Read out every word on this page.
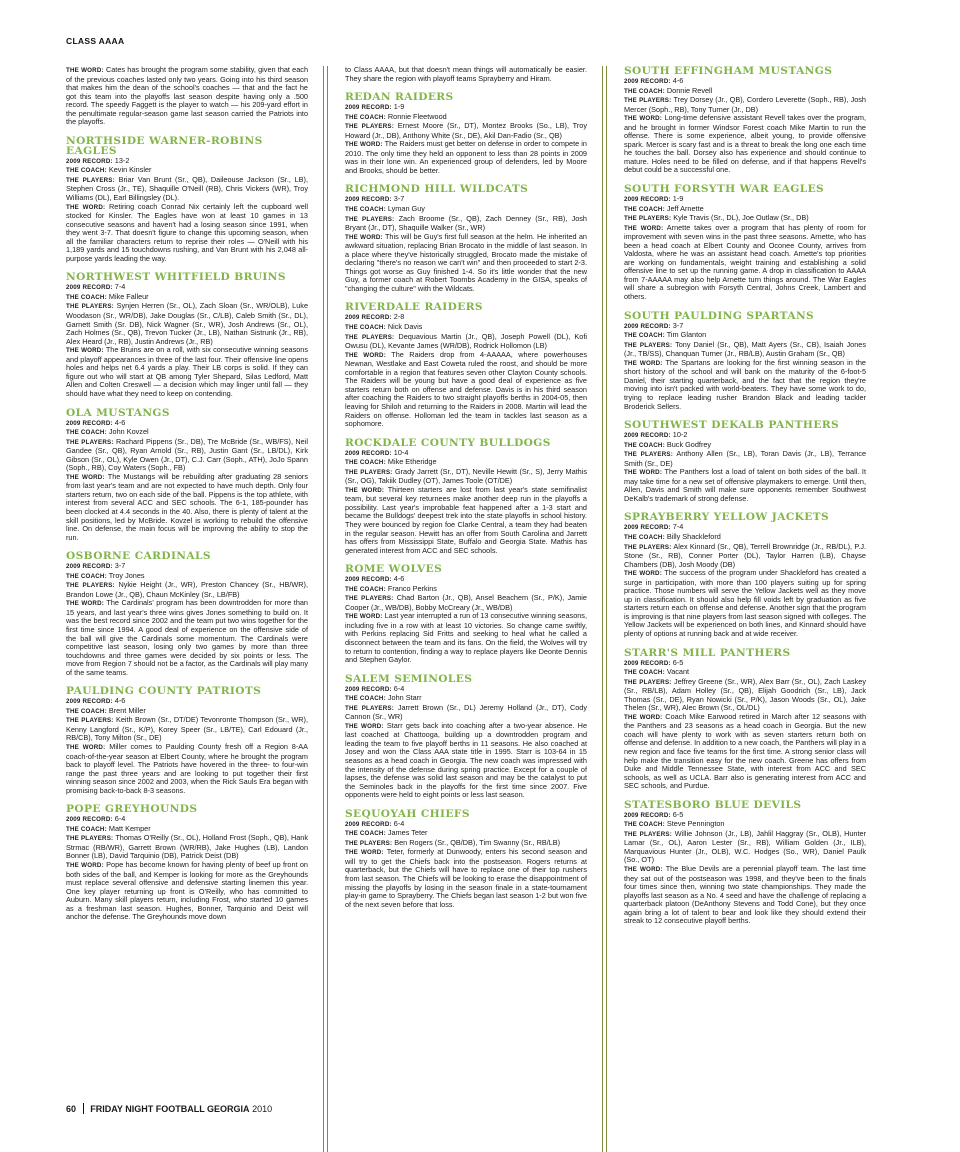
CLASS AAAA

THE WORD: Cates has brought the program some stability, given that each of the previous coaches lasted only two years. Going into his third season that makes him the dean of the school's coaches — that and the fact he got this team into the playoffs last season despite having only a .500 record. The speedy Faggett is the player to watch — his 209-yard effort in the penultimate regular-season game last season carried the Patriots into the playoffs.

NORTHSIDE WARNER-ROBINS EAGLES

2009 RECORD: 13-2

THE COACH: Kevin Kinsler

THE PLAYERS: Briar Van Brunt (Sr., QB), Daileouse Jackson (Sr., LB), Stephen Cross (Jr., TE), Shaquille O'Neill (RB), Chris Vickers (WR), Troy Williams (DL), Earl Billingsley (DL).

THE WORD: Retiring coach Conrad Nix certainly left the cupboard well stocked for Kinsler. The Eagles have won at least 10 games in 13 consecutive seasons and haven't had a losing season since 1991, when they went 3-7. That doesn't figure to change this upcoming season, when all the familiar characters return to reprise their roles — O'Neill with his 1,189 yards and 15 touchdowns rushing, and Van Brunt with his 2,048 all-purpose yards leading the way.

NORTHWEST WHITFIELD BRUINS

2009 RECORD: 7-4

THE COACH: Mike Falleur

THE PLAYERS: Synjen Herren (Sr., OL), Zach Sloan (Sr., WR/OLB), Luke Woodason (Sr., WR/DB), Jake Douglas (Sr., C/LB), Caleb Smith (Sr., DL), Garnett Smith (Sr. DB), Nick Wagner (Sr., WR), Josh Andrews (Sr., OL), Zach Holmes (Sr., QB), Trevon Tucker (Jr., LB), Nathan Sistrunk (Jr., RB), Alex Heard (Jr., RB), Justin Andrews (Jr., RB)

THE WORD: The Bruins are on a roll, with six consecutive winning seasons and playoff appearances in three of the last four. Their offensive line opens holes and helps net 6.4 yards a play. Their LB corps is solid. If they can figure out who will start at QB among Tyler Shepard, Silas Ledford, Matt Allen and Colten Creswell — a decision which may linger until fall — they should have what they need to keep on contending.

OLA MUSTANGS

2009 RECORD: 4-6

THE COACH: John Kovzel

THE PLAYERS: Rachard Pippens (Sr., DB), Tre McBride (Sr., WB/FS), Neil Gandee (Sr., QB), Ryan Arnold (Sr., RB), Justin Gant (Sr., LB/DL), Kirk Gibson (Sr., OL), Kyle Owen (Jr., DT), C.J. Carr (Soph., ATH), JoJo Spann (Soph., RB), Coy Waters (Soph., FB)

THE WORD: The Mustangs will be rebuilding after graduating 28 seniors from last year's team and are not expected to have much depth. Only four starters return, two on each side of the ball. Pippens is the top athlete, with interest from several ACC and SEC schools. The 6-1, 185-pounder has been clocked at 4.4 seconds in the 40. Also, there is plenty of talent at the skill positions, led by McBride. Kovzel is working to rebuild the offensive line. On defense, the main focus will be improving the ability to stop the run.

OSBORNE CARDINALS

2009 RECORD: 3-7

THE COACH: Troy Jones

THE PLAYERS: Nykie Height (Jr., WR), Preston Chancey (Sr., HB/WR), Brandon Lowe (Jr., QB), Chaun McKinley (Sr., LB/FB)

THE WORD: The Cardinals' program has been downtrodden for more than 15 years, and last year's three wins gives Jones something to build on. It was the best record since 2002 and the team put two wins together for the first time since 1994. A good deal of experience on the offensive side of the ball will give the Cardinals some momentum. The Cardinals were competitive last season, losing only two games by more than three touchdowns and three games were decided by six points or less. The move from Region 7 should not be a factor, as the Cardinals will play many of the same teams.

PAULDING COUNTY PATRIOTS

2009 RECORD: 4-6

THE COACH: Brent Miller

THE PLAYERS: Keith Brown (Sr., DT/DE) Tevonronte Thompson (Sr., WR), Kenny Langford (Sr., K/P), Korey Speer (Sr., LB/TE), Carl Edouard (Jr., RB/CB), Tony Milton (Sr., DE)

THE WORD: Miller comes to Paulding County fresh off a Region 8-AA coach-of-the-year season at Elbert County, where he brought the program back to playoff level. The Patriots have hovered in the three- to four-win range the past three years and are looking to put together their first winning season since 2002 and 2003, when the Rick Sauls Era began with promising back-to-back 8-3 seasons.

POPE GREYHOUNDS

2009 RECORD: 6-4

THE COACH: Matt Kemper

THE PLAYERS: Thomas O'Reilly (Sr., OL), Holland Frost (Soph., QB), Hank Strmac (RB/WR), Garrett Brown (WR/RB), Jake Hughes (LB), Landon Bonner (LB), David Tarquinio (DB), Patrick Deist (DB)

THE WORD: Pope has become known for having plenty of beef up front on both sides of the ball, and Kemper is looking for more as the Greyhounds must replace several offensive and defensive starting linemen this year. One key player returning up front is O'Reilly, who has committed to Auburn. Many skill players return, including Frost, who started 10 games as a freshman last season. Hughes, Bonner, Tarquinio and Deist will anchor the defense. The Greyhounds move down

to Class AAAA, but that doesn't mean things will automatically be easier. They share the region with playoff teams Sprayberry and Hiram.

REDAN RAIDERS

2009 RECORD: 1-9

THE COACH: Ronnie Fleetwood

THE PLAYERS: Ernest Moore (Sr., DT), Montez Brooks (So., LB), Troy Howard (Jr., DB), Anthony White (Sr., DE), Akil Dan-Fadio (Sr., QB)

THE WORD: The Raiders must get better on defense in order to compete in 2010. The only time they held an opponent to less than 28 points in 2009 was in their lone win. An experienced group of defenders, led by Moore and Brooks, should be better.

RICHMOND HILL WILDCATS

2009 RECORD: 3-7

THE COACH: Lyman Guy

THE PLAYERS: Zach Broome (Sr., QB), Zach Denney (Sr., RB), Josh Bryant (Jr., DT), Shaquille Walker (Sr., WR)

THE WORD: This will be Guy's first full season at the helm. He inherited an awkward situation, replacing Brian Brocato in the middle of last season. In a place where they've historically struggled, Brocato made the mistake of declaring "there's no reason we can't win" and then proceeded to start 2-3. Things got worse as Guy finished 1-4. So it's little wonder that the new Guy, a former coach at Robert Toombs Academy in the GISA, speaks of "changing the culture" with the Wildcats.

RIVERDALE RAIDERS

2009 RECORD: 2-8

THE COACH: Nick Davis

THE PLAYERS: Dequavious Martin (Jr., QB), Joseph Powell (DL), Kofi Owusu (DL), Kevante James (WR/DB), Rodrick Hollomon (LB)

THE WORD: The Raiders drop from 4-AAAAA, where powerhouses Newnan, Westlake and East Coweta ruled the roost, and should be more comfortable in a region that features seven other Clayton County schools. The Raiders will be young but have a good deal of experience as five starters return both on offense and defense. Davis is in his third season after coaching the Raiders to two straight playoffs berths in 2004-05, then leaving for Shiloh and returning to the Raiders in 2008. Martin will lead the Raiders on offense. Holloman led the team in tackles last season as a sophomore.

ROCKDALE COUNTY BULLDOGS

2009 RECORD: 10-4

THE COACH: Mike Etheridge

THE PLAYERS: Grady Jarrett (Sr., DT), Neville Hewitt (Sr., S), Jerry Mathis (Sr., OG), Takiik Dudley (OT), James Toole (OT/DE)

THE WORD: Thirteen starters are lost from last year's state semifinalist team, but several key returnees make another deep run in the playoffs a possibility. Last year's improbable feat happened after a 1-3 start and became the Bulldogs' deepest trek into the state playoffs in school history. They were bounced by region foe Clarke Central, a team they had beaten in the regular season. Hewitt has an offer from South Carolina and Jarrett has offers from Mississippi State, Buffalo and Georgia State. Mathis has generated interest from ACC and SEC schools.

ROME WOLVES

2009 RECORD: 4-6

THE COACH: Franco Perkins

THE PLAYERS: Chad Barton (Jr., QB), Ansel Beachem (Sr., P/K), Jamie Cooper (Jr., WB/DB), Bobby McCreary (Jr., WB/DB)

THE WORD: Last year interrupted a run of 13 consecutive winning seasons, including five in a row with at least 10 victories. So change came swiftly, with Perkins replacing Sid Fritts and seeking to heal what he called a disconnect between the team and its fans. On the field, the Wolves will try to return to contention, finding a way to replace players like Deonte Dennis and Stephen Gaylor.

SALEM SEMINOLES

2009 RECORD: 6-4

THE COACH: John Starr

THE PLAYERS: Jarrett Brown (Sr., DL) Jeremy Holland (Jr., DT), Cody Cannon (Sr., WR)

THE WORD: Starr gets back into coaching after a two-year absence. He last coached at Chattooga, building up a downtrodden program and leading the team to five playoff berths in 11 seasons. He also coached at Josey and won the Class AAA state title in 1995. Starr is 103-64 in 15 seasons as a head coach in Georgia. The new coach was impressed with the intensity of the defense during spring practice. Except for a couple of lapses, the defense was solid last season and may be the catalyst to put the Seminoles back in the playoffs for the first time since 2007. Five opponents were held to eight points or less last season.

SEQUOYAH CHIEFS

2009 RECORD: 6-4

THE COACH: James Teter

THE PLAYERS: Ben Rogers (Sr., QB/DB), Tim Swanny (Sr., RB/LB)

THE WORD: Teter, formerly at Dunwoody, enters his second season and will try to get the Chiefs back into the postseason. Rogers returns at quarterback, but the Chiefs will have to replace one of their top rushers from last season. The Chiefs will be looking to erase the disappointment of missing the playoffs by losing in the season finale in a state-tournament play-in game to Sprayberry. The Chiefs began last season 1-2 but won five of the next seven before that loss.

SOUTH EFFINGHAM MUSTANGS

2009 RECORD: 4-6

THE COACH: Donnie Revell

THE PLAYERS: Trey Dorsey (Jr., QB), Cordero Leverette (Soph., RB), Josh Mercer (Soph., RB), Tony Turner (Jr., DB)

THE WORD: Long-time defensive assistant Revell takes over the program, and he brought in former Windsor Forest coach Mike Martin to run the offense. There is some experience, albeit young, to provide offensive spark. Mercer is scary fast and is a threat to break the long one each time he touches the ball. Dorsey also has experience and should continue to mature. Holes need to be filled on defense, and if that happens Revell's debut could be a successful one.

SOUTH FORSYTH WAR EAGLES

2009 RECORD: 1-9

THE COACH: Jeff Arnette

THE PLAYERS: Kyle Travis (Sr., DL), Joe Outlaw (Sr., DB)

THE WORD: Arnette takes over a program that has plenty of room for improvement with seven wins in the past three seasons. Arnette, who has been a head coach at Elbert County and Oconee County, arrives from Valdosta, where he was an assistant head coach. Arnette's top priorities are working on fundamentals, weight training and establishing a solid offensive line to set up the running game. A drop in classification to AAAA from 7-AAAAA may also help Arnette turn things around. The War Eagles will share a subregion with Forsyth Central, Johns Creek, Lambert and others.

SOUTH PAULDING SPARTANS

2009 RECORD: 3-7

THE COACH: Tim Glanton

THE PLAYERS: Tony Daniel (Sr., QB), Matt Ayers (Sr., CB), Isaiah Jones (Jr., TB/SS), Chanquan Turner (Jr., RB/LB), Austin Graham (Sr., QB)

THE WORD: The Spartans are looking for the first winning season in the short history of the school and will bank on the maturity of the 6-foot-5 Daniel, their starting quarterback, and the fact that the region they're moving into isn't packed with world-beaters. They have some work to do, trying to replace leading rusher Brandon Black and leading tackler Broderick Sellers.

SOUTHWEST DEKALB PANTHERS

2009 RECORD: 10-2

THE COACH: Buck Godfrey

THE PLAYERS: Anthony Allen (Sr., LB), Toran Davis (Jr., LB), Terrance Smith (Sr., DE)

THE WORD: The Panthers lost a load of talent on both sides of the ball. It may take time for a new set of offensive playmakers to emerge. Until then, Allen, Davis and Smith will make sure opponents remember Southwest DeKalb's trademark of strong defense.

SPRAYBERRY YELLOW JACKETS

2009 RECORD: 7-4

THE COACH: Billy Shackleford

THE PLAYERS: Alex Kinnard (Sr., QB), Terrell Brownridge (Jr., RB/DL), P.J. Stone (Sr., RB), Conner Porter (DL), Taylor Harren (LB), Chayse Chambers (DB), Josh Moody (DB)

THE WORD: The success of the program under Shackleford has created a surge in participation, with more than 100 players suiting up for spring practice. Those numbers will serve the Yellow Jackets well as they move up in classification. It should also help fill voids left by graduation as five starters return each on offense and defense. Another sign that the program is improving is that nine players from last season signed with colleges. The Yellow Jackets will be experienced on both lines, and Kinnard should have plenty of options at running back and at wide receiver.

STARR'S MILL PANTHERS

2009 RECORD: 6-5

THE COACH: Vacant

THE PLAYERS: Jeffrey Greene (Sr., WR), Alex Barr (Sr., OL), Zach Laskey (Sr., RB/LB), Adam Holley (Sr., QB), Elijah Goodrich (Sr., LB), Jack Thomas (Sr., DE), Ryan Nowicki (Sr., P/K), Jason Woods (Sr., OL), Jake Thelen (Sr., WR), Alec Brown (Sr., OL/DL)

THE WORD: Coach Mike Earwood retired in March after 12 seasons with the Panthers and 23 seasons as a head coach in Georgia. But the new coach will have plenty to work with as seven starters return both on offense and defense. In addition to a new coach, the Panthers will play in a new region and face five teams for the first time. A strong senior class will help make the transition easy for the new coach. Greene has offers from Duke and Middle Tennessee State, with interest from ACC and SEC schools, as well as UCLA. Barr also is generating interest from ACC and SEC schools, and Purdue.

STATESBORO BLUE DEVILS

2009 RECORD: 6-5

THE COACH: Steve Pennington

THE PLAYERS: Willie Johnson (Jr., LB), Jahlil Haggray (Sr., OLB), Hunter Lamar (Sr., OL), Aaron Lester (Sr., RB), William Golden (Jr., ILB), Marquavious Hunter (Jr., OLB), W.C. Hodges (So., WR), Daniel Paulk (So., OT)

THE WORD: The Blue Devils are a perennial playoff team. The last time they sat out of the postseason was 1998, and they've been to the finals four times since then, winning two state championships. They made the playoffs last season as a No. 4 seed and have the challenge of replacing a quarterback platoon (DeAnthony Stevens and Todd Cone), but they once again bring a lot of talent to bear and look like they should extend their streak to 12 consecutive playoff berths.

60 FRIDAY NIGHT FOOTBALL GEORGIA 2010
